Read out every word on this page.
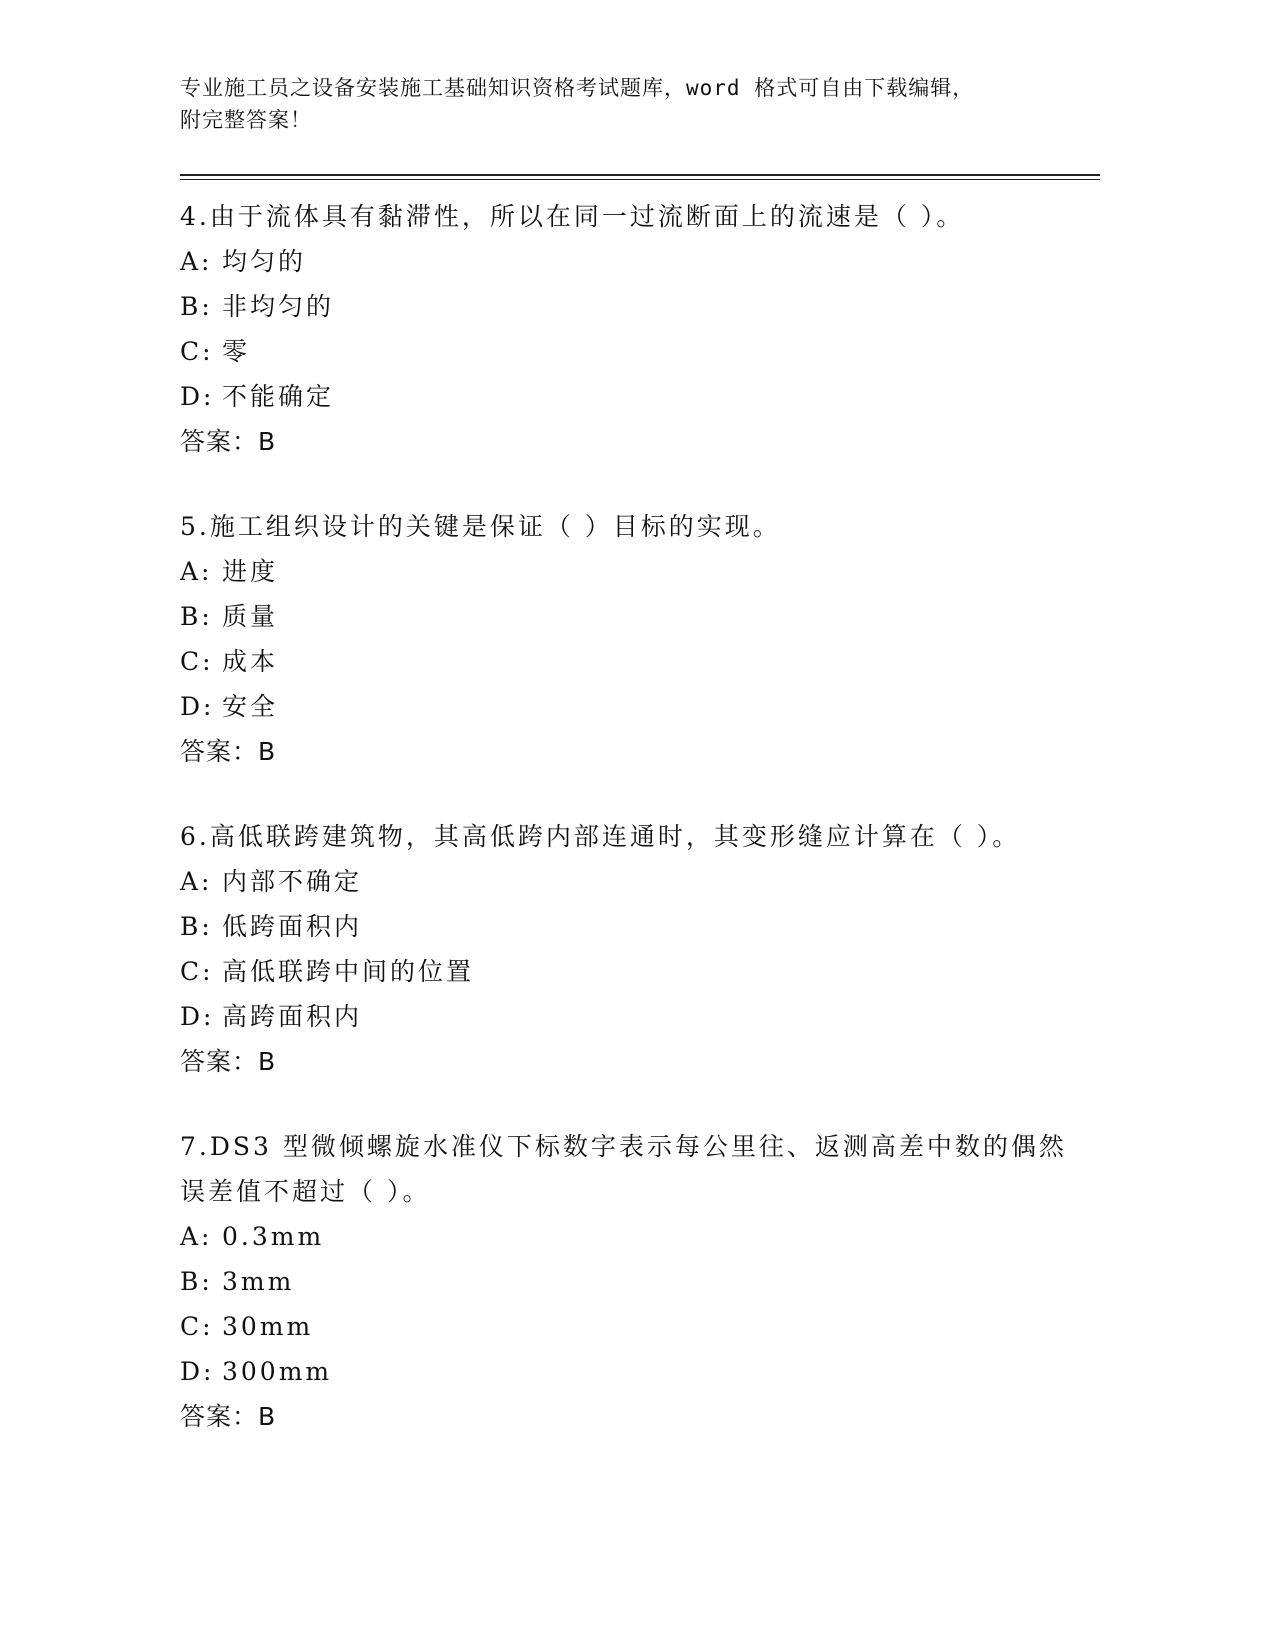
专业施工员之设备安装施工基础知识资格考试题库，word 格式可自由下载编辑，
附完整答案！
4.由于流体具有黏滞性，所以在同一过流断面上的流速是（ ）。
A: 均匀的
B: 非均匀的
C: 零
D: 不能确定
答案：B
5.施工组织设计的关键是保证（ ）目标的实现。
A: 进度
B: 质量
C: 成本
D: 安全
答案：B
6.高低联跨建筑物，其高低跨内部连通时，其变形缝应计算在（ ）。
A: 内部不确定
B: 低跨面积内
C: 高低联跨中间的位置
D: 高跨面积内
答案：B
7.DS3 型微倾螺旋水准仪下标数字表示每公里往、返测高差中数的偶然
误差值不超过（ ）。
A: 0.3mm
B: 3mm
C: 30mm
D: 300mm
答案：B
